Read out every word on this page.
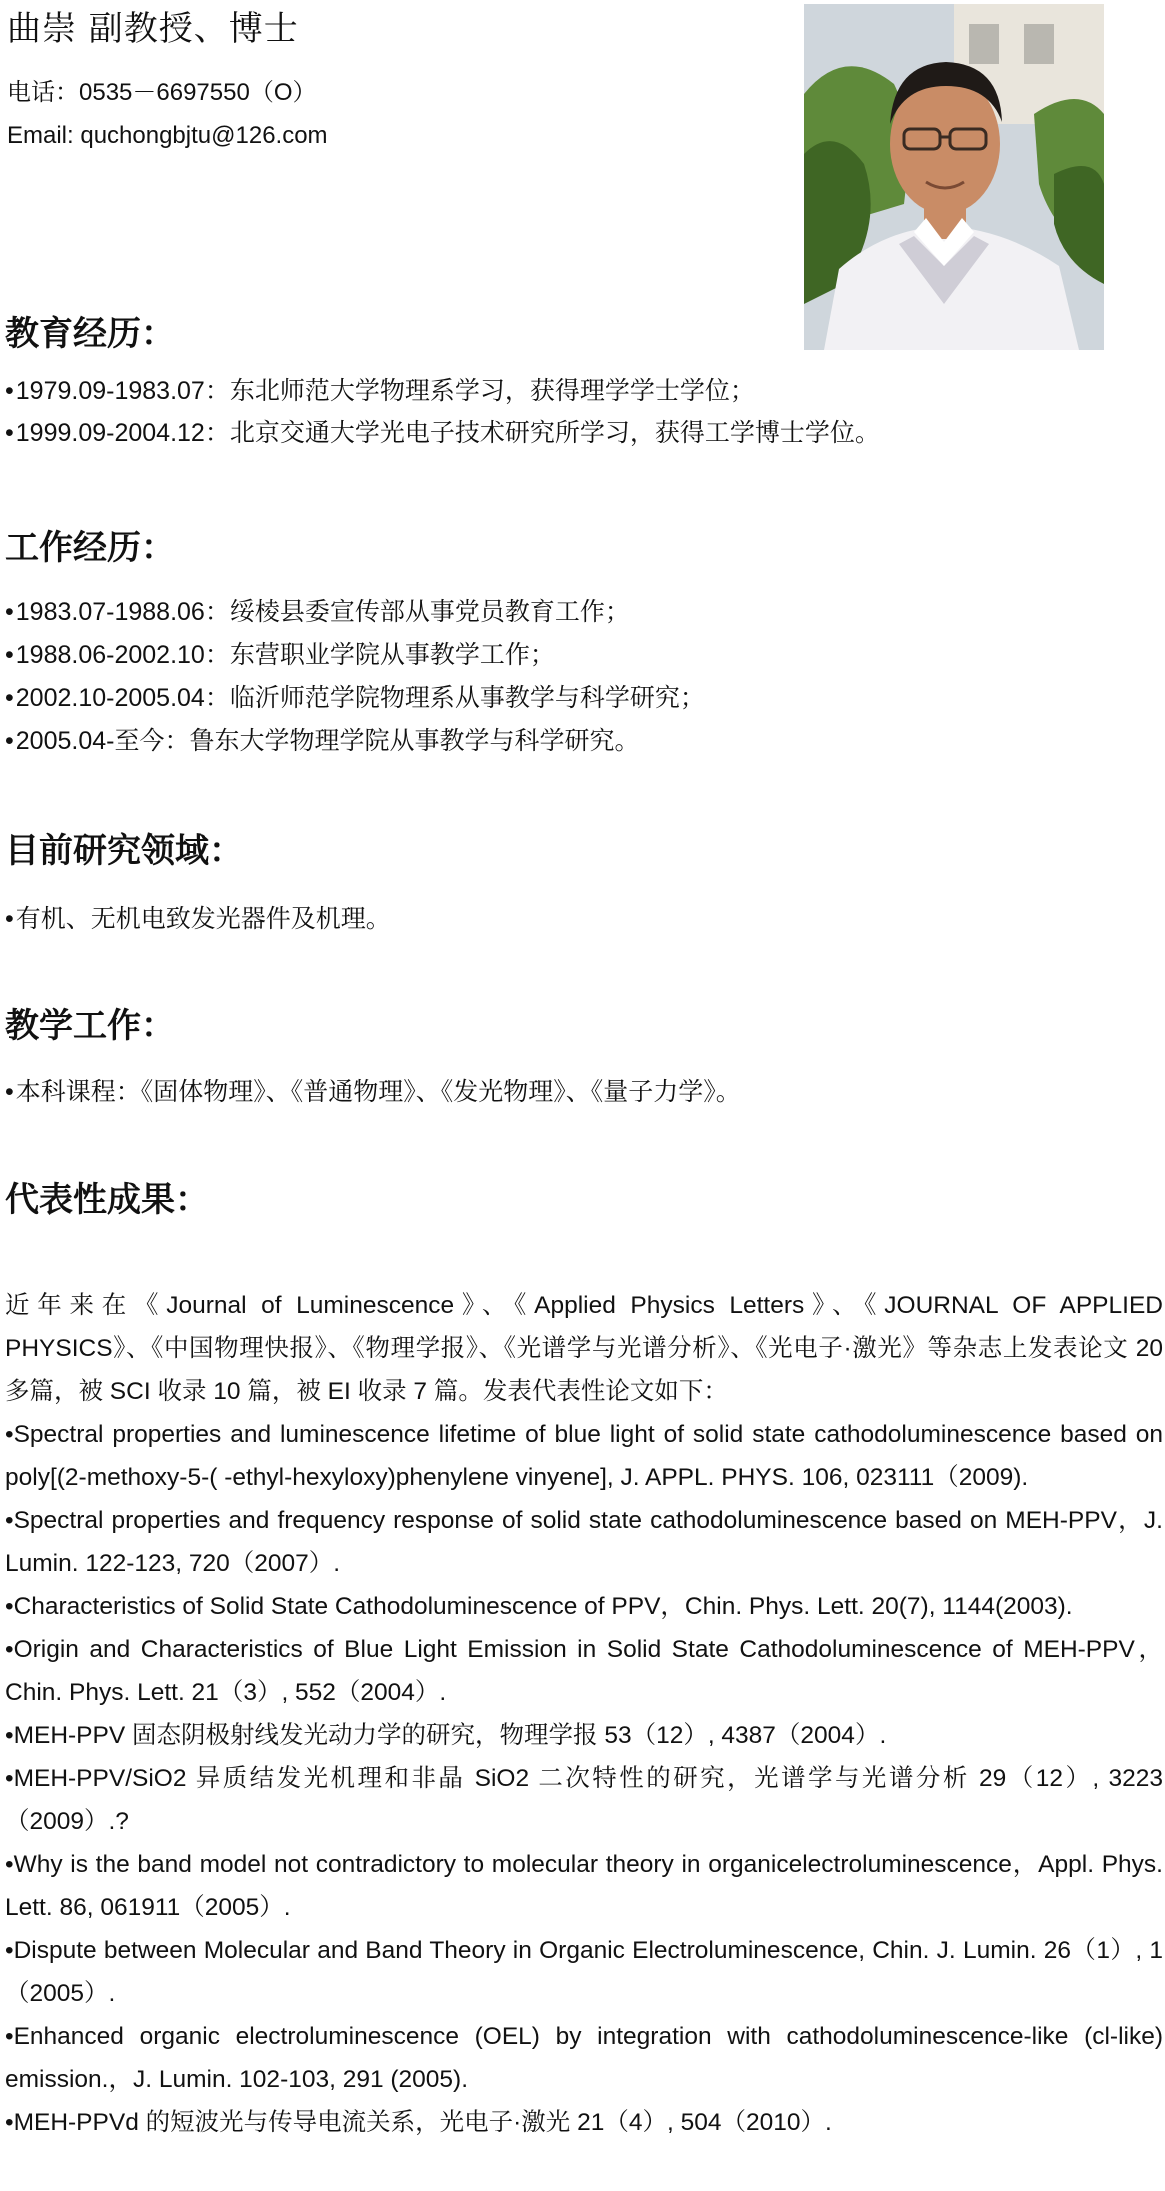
曲崇 副教授、博士
电话：0535－6697550（O）
Email: quchongbjtu@126.com
教育经历：
•1979.09-1983.07：东北师范大学物理系学习，获得理学学士学位；
•1999.09-2004.12：北京交通大学光电子技术研究所学习，获得工学博士学位。
工作经历：
•1983.07-1988.06：绥棱县委宣传部从事党员教育工作；
•1988.06-2002.10：东营职业学院从事教学工作；
•2002.10-2005.04：临沂师范学院物理系从事教学与科学研究；
•2005.04-至今：鲁东大学物理学院从事教学与科学研究。
目前研究领域：
•有机、无机电致发光器件及机理。
教学工作：
•本科课程：《固体物理》、《普通物理》、《发光物理》、《量子力学》。
代表性成果：

近年来在《Journal of Luminescence》、《Applied Physics Letters》、《JOURNAL OF APPLIED PHYSICS》、《中国物理快报》、《物理学报》、《光谱学与光谱分析》、《光电子·激光》等杂志上发表论文 20 多篇，被 SCI 收录 10 篇，被 EI 收录 7 篇。发表代表性论文如下：

•Spectral properties and luminescence lifetime of blue light of solid state cathodoluminescence based on poly[(2-methoxy-5-( -ethyl-hexyloxy)phenylene vinyene], J. APPL. PHYS. 106, 023111（2009).

•Spectral properties and frequency response of solid state cathodoluminescence based on MEH-PPV，J. Lumin. 122-123, 720（2007）.

•Characteristics of Solid State Cathodoluminescence of PPV，Chin. Phys. Lett. 20(7), 1144(2003).

•Origin and Characteristics of Blue Light Emission in Solid State Cathodoluminescence of MEH-PPV，Chin. Phys. Lett. 21（3）, 552（2004）.

•MEH-PPV 固态阴极射线发光动力学的研究，物理学报 53（12）, 4387（2004）.

•MEH-PPV/SiO2 异质结发光机理和非晶 SiO2 二次特性的研究，光谱学与光谱分析 29（12）, 3223（2009）.?

•Why is the band model not contradictory to molecular theory in organicelectroluminescence，Appl. Phys. Lett. 86, 061911（2005）.

•Dispute between Molecular and Band Theory in Organic Electroluminescence, Chin. J. Lumin. 26（1）, 1（2005）.

•Enhanced organic electroluminescence (OEL) by integration with cathodoluminescence-like (cl-like) emission.，J. Lumin. 102-103, 291 (2005).

•MEH-PPVd 的短波光与传导电流关系，光电子·激光 21（4）, 504（2010）.
